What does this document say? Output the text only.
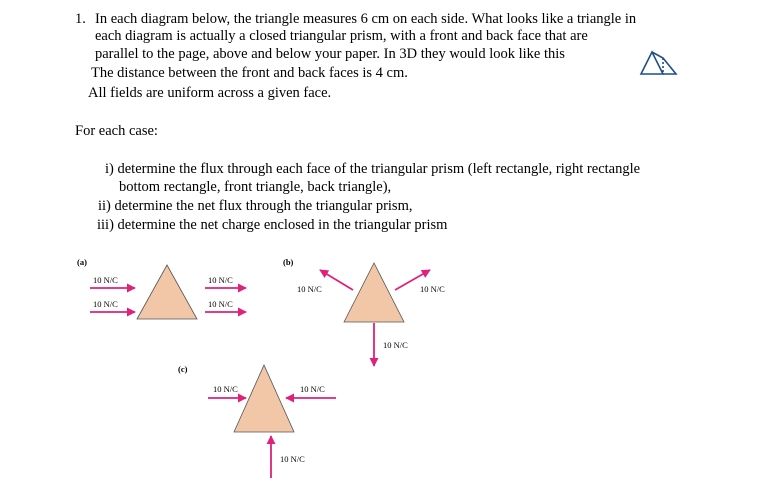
1. In each diagram below, the triangle measures 6 cm on each side. What looks like a triangle in
each diagram is actually a closed triangular prism, with a front and back face that are
parallel to the page, above and below your paper. In 3D they would look like this
The distance between the front and back faces is 4 cm.
All fields are uniform across a given face.
For each case:
i) determine the flux through each face of the triangular prism (left rectangle, right rectangle
bottom rectangle, front triangle, back triangle),
ii) determine the net flux through the triangular prism,
iii) determine the net charge enclosed in the triangular prism
(a)	(b)
(c)
10 N/C
10 N/C
10 N/C
10 N/C
10 N/C	10 N/C
10 N/C
10 N/C	10 N/C
10 N/C
